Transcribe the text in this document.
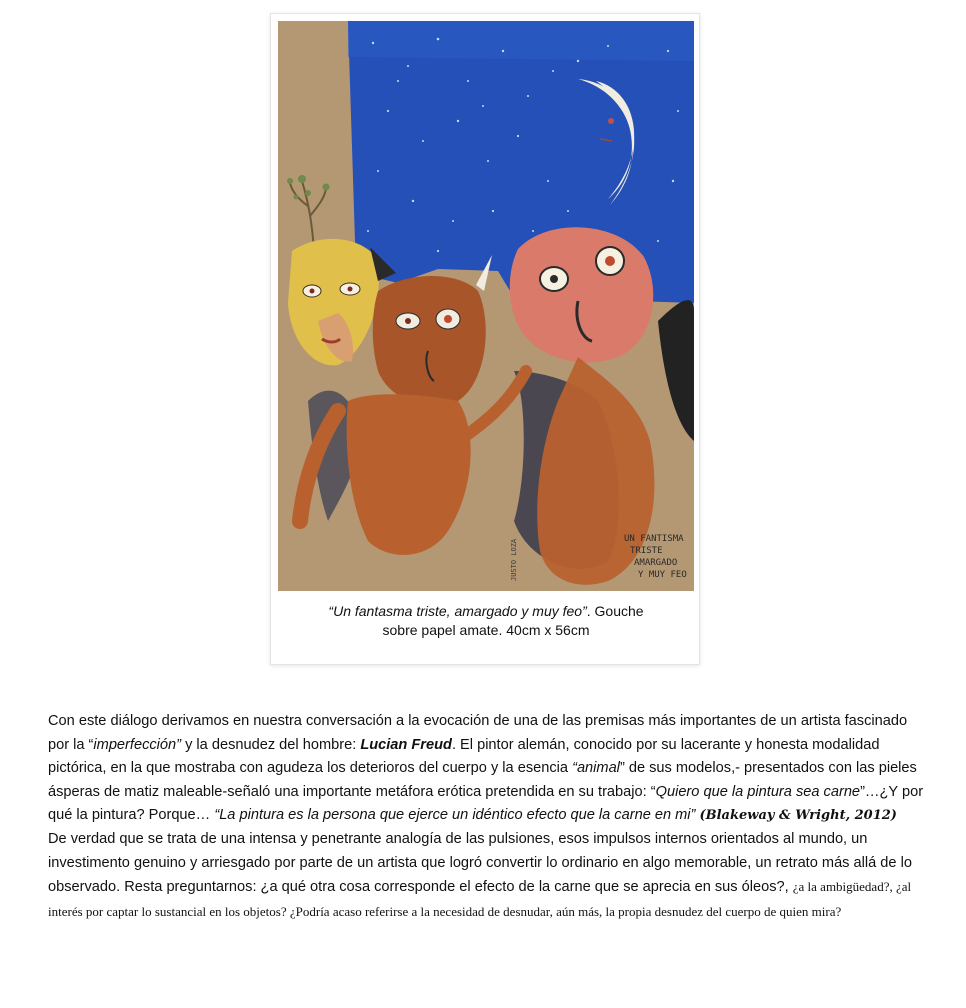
UN FANTISMA
TRISTE
AMARGADO
Y MUY FEO
JUSTO LOZA
“Un fantasma triste, amargado y muy feo”. Gouche
sobre papel amate. 40cm x 56cm

Con este diálogo derivamos en nuestra conversación a la evocación de una de las premisas más importantes de un artista fascinado por la “imperfección” y la desnudez del hombre: Lucian Freud. El pintor alemán, conocido por su lacerante y honesta modalidad pictórica, en la que mostraba con agudeza los deterioros del cuerpo y la esencia “animal” de sus modelos,- presentados con las pieles ásperas de matiz maleable-señaló una importante metáfora erótica pretendida en su trabajo: “Quiero que la pintura sea carne”…¿Y por qué la pintura? Porque… “La pintura es la persona que ejerce un idéntico efecto que la carne en mi” (Blakeway & Wright, 2012)

De verdad que se trata de una intensa y penetrante analogía de las pulsiones, esos impulsos internos orientados al mundo, un investimento genuino y arriesgado por parte de un artista que logró convertir lo ordinario en algo memorable, un retrato más allá de lo observado. Resta preguntarnos: ¿a qué otra cosa corresponde el efecto de la carne que se aprecia en sus óleos?, ¿a la ambigüedad?, ¿al interés por captar lo sustancial en los objetos? ¿Podría acaso referirse a la necesidad de desnudar, aún más, la propia desnudez del cuerpo de quien mira?
